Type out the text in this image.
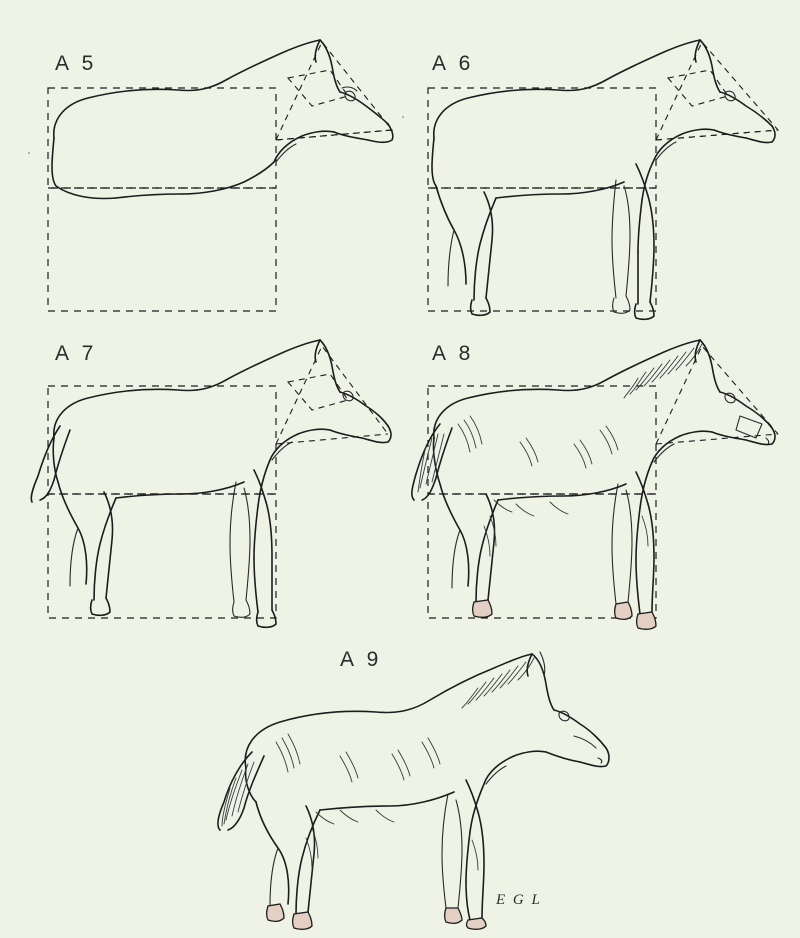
A 5	A 6
A 7	A 8
A 9
E G L
